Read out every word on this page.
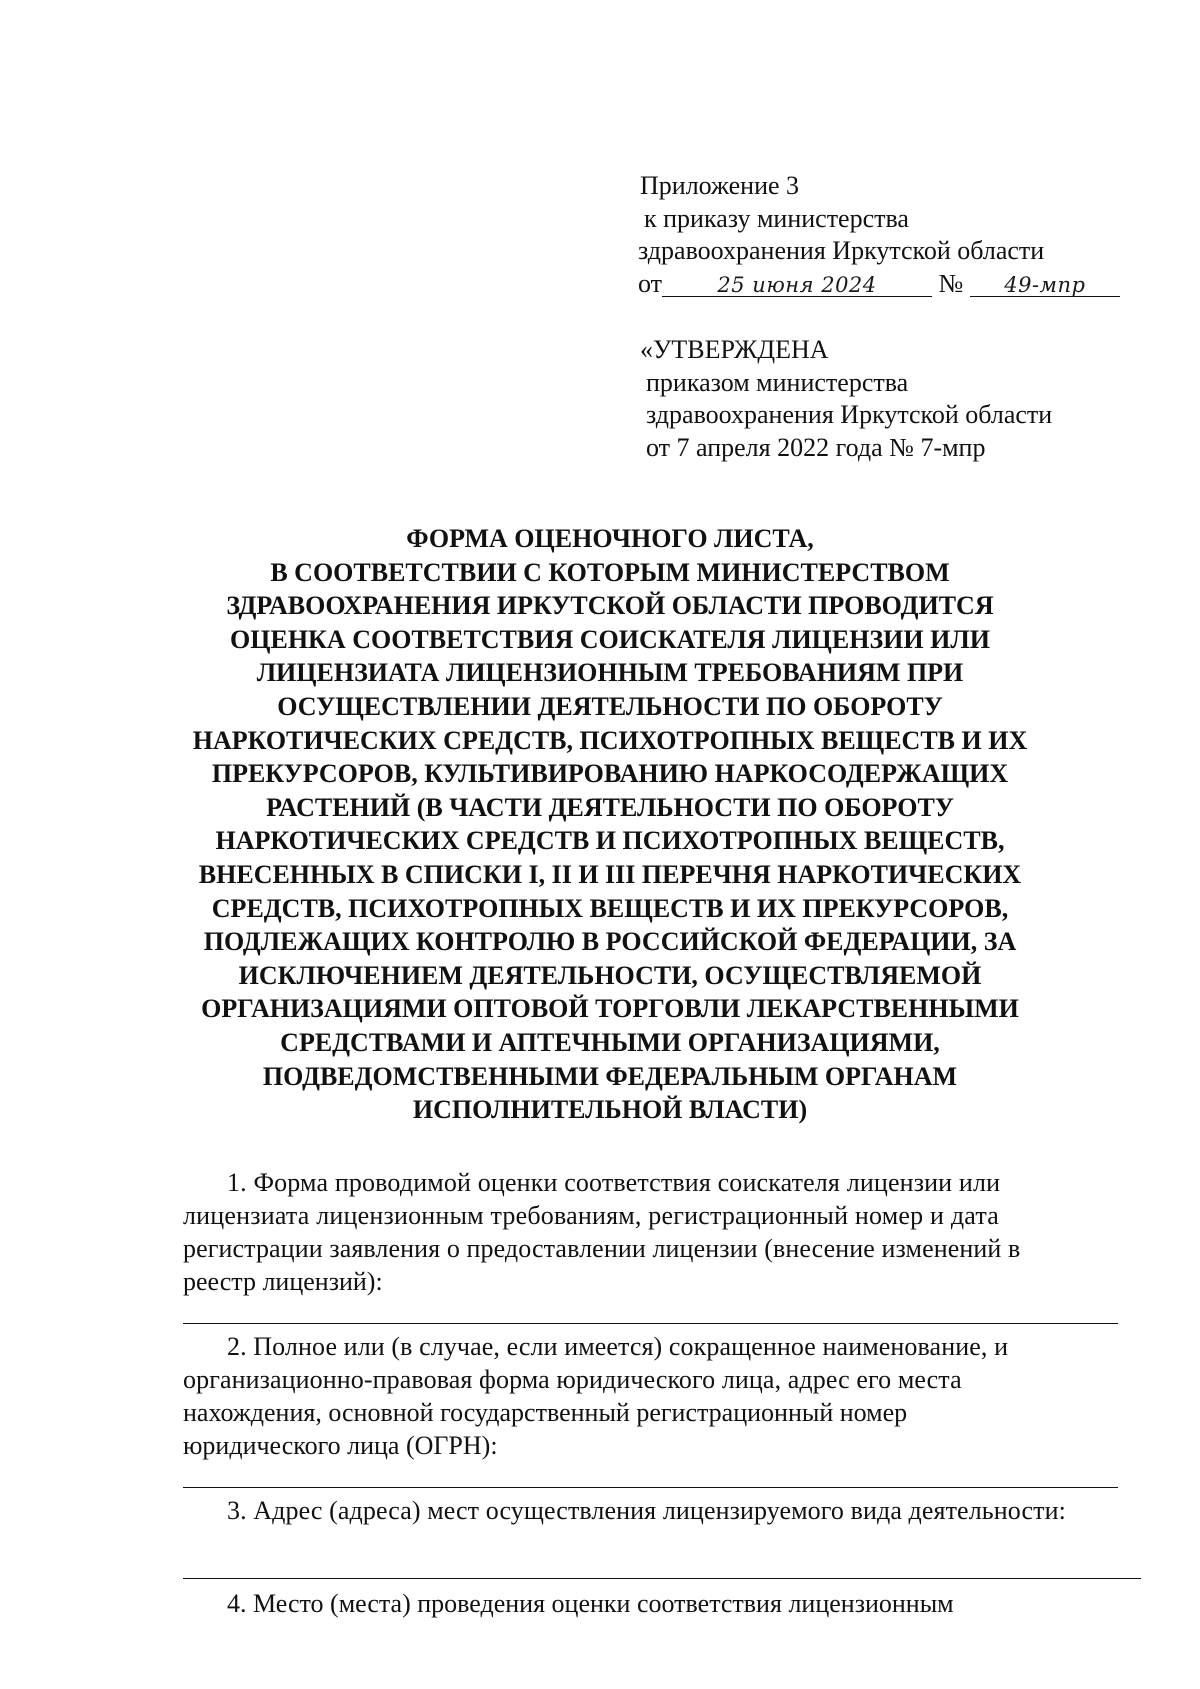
Приложение 3
к приказу министерства
здравоохранения Иркутской области
от	25 июня 2024 № 49-мпр
«УТВЕРЖДЕНА
приказом министерства
здравоохранения Иркутской области
от 7 апреля 2022 года № 7-мпр
ФОРМА ОЦЕНОЧНОГО ЛИСТА,
В СООТВЕТСТВИИ С КОТОРЫМ МИНИСТЕРСТВОМ
ЗДРАВООХРАНЕНИЯ ИРКУТСКОЙ ОБЛАСТИ ПРОВОДИТСЯ
ОЦЕНКА СООТВЕТСТВИЯ СОИСКАТЕЛЯ ЛИЦЕНЗИИ ИЛИ
ЛИЦЕНЗИАТА ЛИЦЕНЗИОННЫМ ТРЕБОВАНИЯМ ПРИ
ОСУЩЕСТВЛЕНИИ ДЕЯТЕЛЬНОСТИ ПО ОБОРОТУ
НАРКОТИЧЕСКИХ СРЕДСТВ, ПСИХОТРОПНЫХ ВЕЩЕСТВ И ИХ
ПРЕКУРСОРОВ, КУЛЬТИВИРОВАНИЮ НАРКОСОДЕРЖАЩИХ
РАСТЕНИЙ (В ЧАСТИ ДЕЯТЕЛЬНОСТИ ПО ОБОРОТУ
НАРКОТИЧЕСКИХ СРЕДСТВ И ПСИХОТРОПНЫХ ВЕЩЕСТВ,
ВНЕСЕННЫХ В СПИСКИ I, II И III ПЕРЕЧНЯ НАРКОТИЧЕСКИХ
СРЕДСТВ, ПСИХОТРОПНЫХ ВЕЩЕСТВ И ИХ ПРЕКУРСОРОВ,
ПОДЛЕЖАЩИХ КОНТРОЛЮ В РОССИЙСКОЙ ФЕДЕРАЦИИ, ЗА
ИСКЛЮЧЕНИЕМ ДЕЯТЕЛЬНОСТИ, ОСУЩЕСТВЛЯЕМОЙ
ОРГАНИЗАЦИЯМИ ОПТОВОЙ ТОРГОВЛИ ЛЕКАРСТВЕННЫМИ
СРЕДСТВАМИ И АПТЕЧНЫМИ ОРГАНИЗАЦИЯМИ,
ПОДВЕДОМСТВЕННЫМИ ФЕДЕРАЛЬНЫМ ОРГАНАМ
ИСПОЛНИТЕЛЬНОЙ ВЛАСТИ)
1. Форма проводимой оценки соответствия соискателя лицензии или
лицензиата лицензионным требованиям, регистрационный номер и дата
регистрации заявления о предоставлении лицензии (внесение изменений в
реестр лицензий):
2. Полное или (в случае, если имеется) сокращенное наименование, и
организационно-правовая форма юридического лица, адрес его места
нахождения, основной государственный регистрационный номер
юридического лица (ОГРН):
3. Адрес (адреса) мест осуществления лицензируемого вида деятельности:
4. Место (места) проведения оценки соответствия лицензионным
